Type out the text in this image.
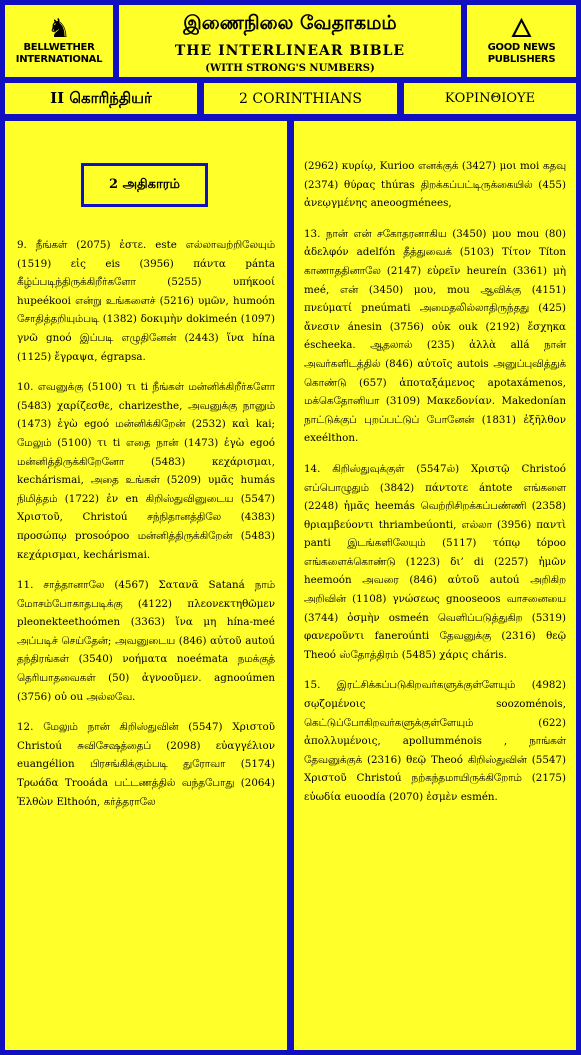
♞
BELLWETHER
INTERNATIONAL
இணைநிலை வேதாகமம்
THE INTERLINEAR BIBLE
(WITH STRONG'S NUMBERS)
🜂
GOOD NEWS
PUBLISHERS
II கொரிந்தியர்	2 CORINTHIANS	ΚΟΡΙΝΘΙΟΥΕ

9. நீங்கள் (2075) ἐστε. este எல்லாவற்றிலேயும் (1519) εἰς eis (3956) πάντα pánta கீழ்ப்படிந்திருக்கிறீர்களோ (5255) υπήκοοί hupeékooi என்று உங்களைச் (5216) υμῶν, humoón சோதித்தறியும்படி (1382) δοκιμὴν dokimeén (1097) γνῶ gnoó இப்படி எழுதினேன் (2443) ἵνα hína (1125) ἔγραψα, égrapsa.

10. எவனுக்கு (5100) τι ti நீங்கள் மன்னிக்கிறீர்களோ (5483) χαρίζεσθε, charizesthe, அவனுக்கு நானும் (1473) ἐγὼ egoó மன்னிக்கிறேன் (2532) καὶ kai; மேலும் (5100) τι ti எதை நான் (1473) ἐγὼ egoó மன்னித்திருக்கிறேனோ (5483) κεχάρισμαι, kechárismai, அதை உங்கள் (5209) υμᾶς humás நிமித்தம் (1722) ἐν en கிறிஸ்துவினுடைய (5547) Χριστοῦ, Christoú சந்நிதானத்திலே (4383) προσώπῳ prosoópoo மன்னித்திருக்கிறேன் (5483) κεχάρισμαι, kechárismai.

11. சாத்தானாலே (4567) Σατανᾶ Sataná நாம் மோசம்போகாதபடிக்கு (4122) πλεονεκτηθῶμεν pleonekteethoómen (3363) ἵνα μη hína-meé அப்படிச் செய்தேன்; அவனுடைய (846) αὐτοῦ autoú தந்திரங்கள் (3540) νοήματα noeémata நமக்குத் தெரியாதவைகள் (50) ἀγνοοῦμεν. agnooúmen (3756) οὐ ou அல்லவே.

12. மேலும் நான் கிறிஸ்துவின் (5547) Χριστοῦ Christoú சுவிசேஷத்தைப் (2098) εὐαγγέλιον euangélion பிரசங்கிக்கும்படி துரோவா (5174) Τρωάδα Trooáda பட்டணத்தில் வந்தபோது (2064) Ἐλθὼν Elthoón, கர்த்தராலே

2 அதிகாரம்

(2962) κυρίῳ, Kurioo எனக்குக் (3427) μοι moi கதவு (2374) θύρας thúras திறக்கப்பட்டிருக்கையில் (455) ἀνεῳγμένης aneoogménees,

13. நான் என் சகோதரனாகிய (3450) μου mou (80) ἀδελφόν adelfón தீத்துவைக் (5103) Τίτον Títon காணாததினாலே (2147) εὑρεῖν heureín (3361) μὴ meé, என் (3450) μου, mou ஆவிக்கு (4151) πνεύματί pneúmati அமைதலில்லாதிருந்தது (425) ἄνεσιν ánesin (3756) οὐκ ouk (2192) ἔσχηκα éscheeka. ஆதலால் (235) ἀλλὰ allá நான் அவர்களிடத்தில் (846) αὐτοῖς autois அனுப்புவித்துக் கொண்டு (657) ἀποταξάμενος apotaxámenos, மக்கெதோனியா (3109) Μακεδονίαν. Makedonían நாட்டுக்குப் புறப்பட்டுப் போனேன் (1831) ἐξῆλθον exeélthon.

14. கிறிஸ்துவுக்குள் (5547ல்) Χριστῷ Christoó எப்பொழுதும் (3842) πάντοτε ántote எங்களை (2248) ἡμᾶς heemás வெற்றிசிறக்கப்பண்ணி (2358) θριαμβεύοντι thriambeúonti, எல்லா (3956) παντὶ panti இடங்களிலேயும் (5117) τόπῳ tópoo எங்களைக்கொண்டு (1223) δι’ di (2257) ἡμῶν heemoón அவரை (846) αὐτοῦ autoú அறிகிற அறிவின் (1108) γνώσεως gnooseoos வாசனையை (3744) ὀσμὴν osmeén வெளிப்படுத்துகிற (5319) φανεροῦντι faneroúnti தேவனுக்கு (2316) θεῷ Theoó ஸ்தோத்திரம் (5485) χάρις cháris.

15. இரட்சிக்கப்படுகிறவர்களுக்குள்ளேயும் (4982) σῳζομένοις soozoménois, கெட்டுப்போகிறவர்களுக்குள்ளேயும் (622) ἀπολλυμένοις, apollumménois , நாங்கள் தேவனுக்குக் (2316) θεῷ Theoó கிறிஸ்துவின் (5547) Χριστοῦ Christoú நற்கந்தமாயிருக்கிறோம் (2175) εὐωδία euoodía (2070) ἐσμὲν esmén.
